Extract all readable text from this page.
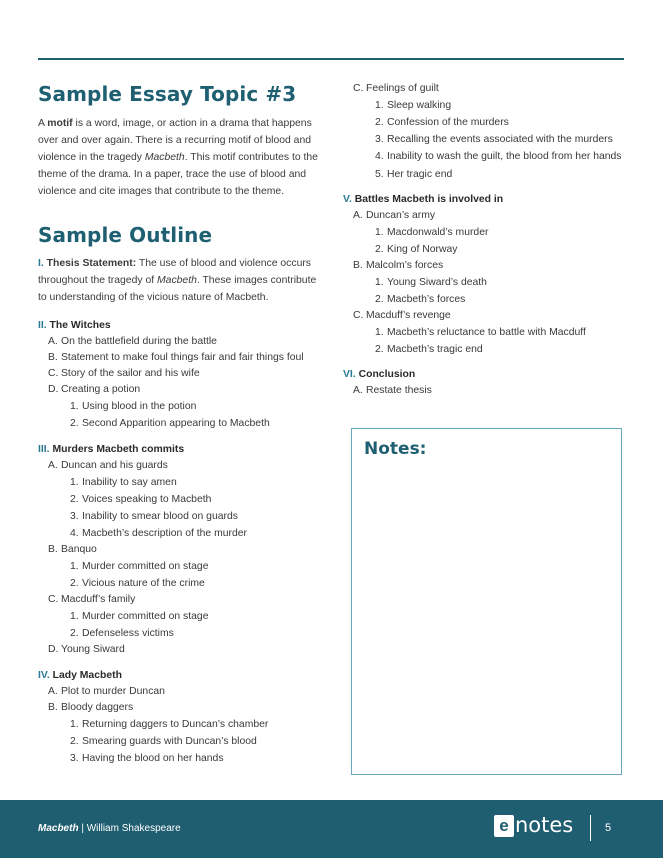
Sample Essay Topic #3

A motif is a word, image, or action in a drama that happens over and over again. There is a recurring motif of blood and violence in the tragedy Macbeth. This motif contributes to the theme of the drama. In a paper, trace the use of blood and violence and cite images that contribute to the theme.

Sample Outline

I. Thesis Statement: The use of blood and violence occurs throughout the tragedy of Macbeth. These images contribute to understanding of the vicious nature of Macbeth.

II. The Witches
A. On the battlefield during the battle
B. Statement to make foul things fair and fair things foul
C. Story of the sailor and his wife
D. Creating a potion
1. Using blood in the potion
2. Second Apparition appearing to Macbeth
III. Murders Macbeth commits
A. Duncan and his guards
1. Inability to say amen
2. Voices speaking to Macbeth
3. Inability to smear blood on guards
4. Macbeth’s description of the murder
B. Banquo
1. Murder committed on stage
2. Vicious nature of the crime
C. Macduff’s family
1. Murder committed on stage
2. Defenseless victims
D. Young Siward
IV. Lady Macbeth
A. Plot to murder Duncan
B. Bloody daggers
1. Returning daggers to Duncan’s chamber
2. Smearing guards with Duncan’s blood
3. Having the blood on her hands
C. Feelings of guilt
1. Sleep walking
2. Confession of the murders
3. Recalling the events associated with the murders
4. Inability to wash the guilt, the blood from her hands
5. Her tragic end
V. Battles Macbeth is involved in
A. Duncan’s army
1. Macdonwald’s murder
2. King of Norway
B. Malcolm’s forces
1. Young Siward’s death
2. Macbeth’s forces
C. Macduff’s revenge
1. Macbeth’s reluctance to battle with Macduff
2. Macbeth’s tragic end
VI. Conclusion
A. Restate thesis
Notes:
Macbeth | William Shakespeare	e notes	5
